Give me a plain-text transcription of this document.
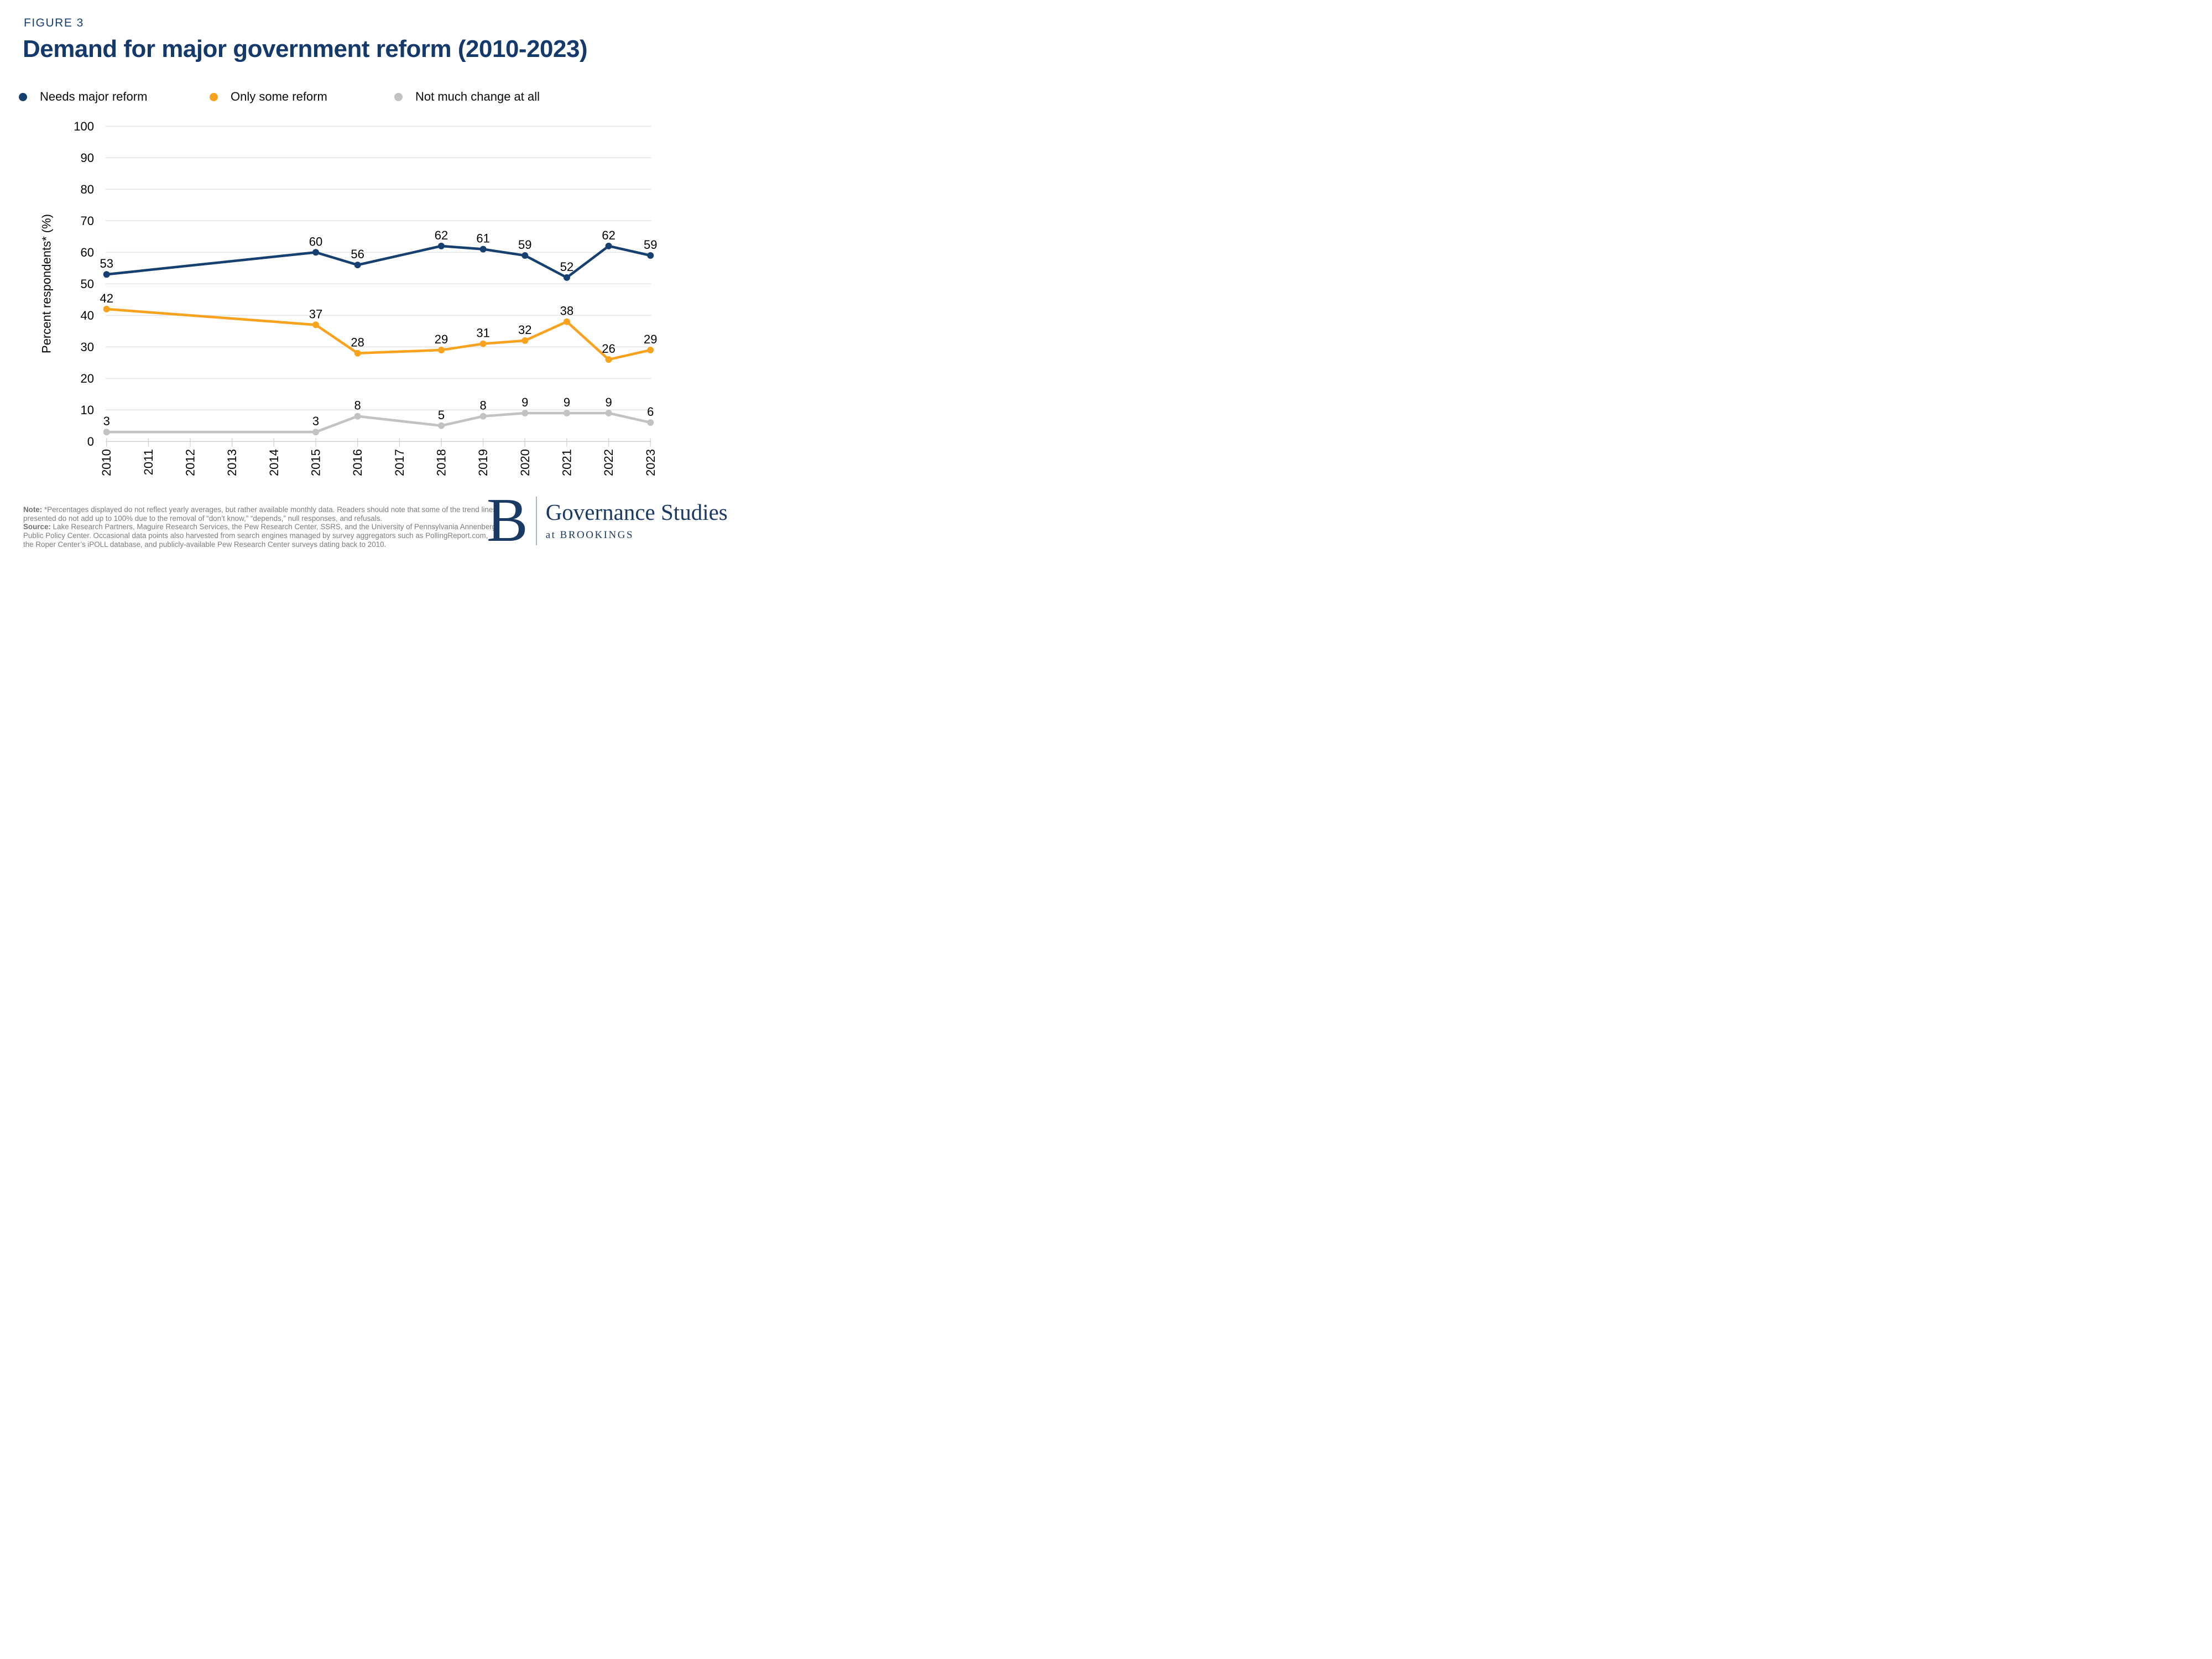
FIGURE 3
Demand for major government reform (2010-2023)
Needs major reform	Only some reform	Not much change at all
0
10
20
30
40
50
60
70
80
90
100
2010 2011 2012 2013 2014 2015 2016 2017 2018 2019 2020 2021 2022 2023
Percent respondents* (%)	53
60
56
62 61 59
52
62
59
42
37
28	29 31 32
38
26
29
3	3
8
5
8	9	9	9
6
Note: *Percentages displayed do not reflect yearly averages, but rather available monthly data. Readers should note that some of the trend lines presented do not add up to 100% due to the removal of “don’t know,” “depends,” null responses, and refusals.
Source: Lake Research Partners, Maguire Research Services, the Pew Research Center, SSRS, and the University of Pennsylvania Annenberg Public Policy Center. Occasional data points also harvested from search engines managed by survey aggregators such as PollingReport.com, the Roper Center’s iPOLL database, and publicly-available Pew Research Center surveys dating back to 2010.	B Governance Studies
at BROOKINGS
